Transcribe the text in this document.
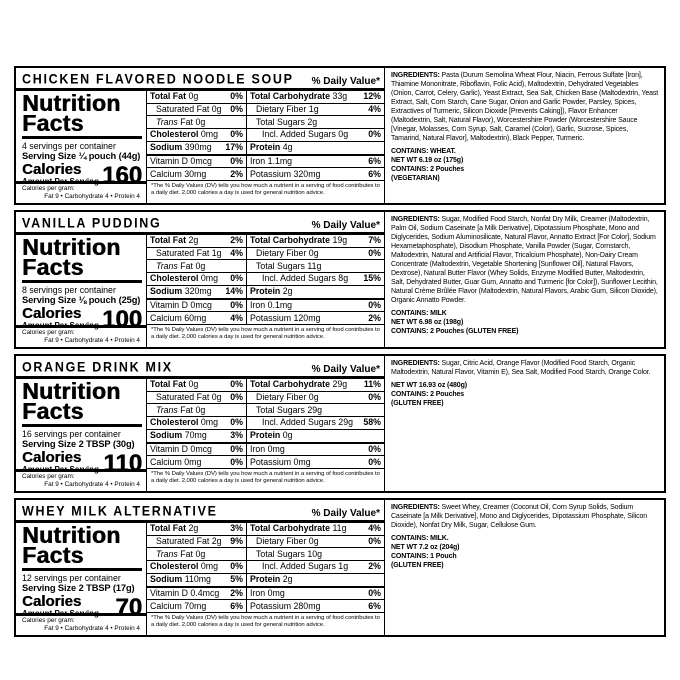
CHICKEN FLAVORED NOODLE SOUP % Daily Value*
Nutrition
Facts
4 servings per container
Serving Size ¼ pouch (44g)
Calories
Amount Per Serving 160
Total Fat 0g	0%
Saturated Fat 0g 0%
Trans Fat 0g
Cholesterol 0mg 0%
Sodium 390mg 17%
Vitamin D 0mcg 0%
Calcium 30mg	2%
Total Carbohydrate 33g 12%
Dietary Fiber 1g	4%
Total Sugars 2g
Incl. Added Sugars 0g 0%
Protein 4g
Iron 1.1mg	6%
Potassium 320mg	6%
Calories per gram:
Fat 9 • Carbohydrate 4 • Protein 4
*The % Daily Values (DV) tells you how much a nutrient in a serving of food contributes to a daily diet. 2,000 calories a day is used for general nutrition advice.
INGREDIENTS: Pasta (Durum Semolina Wheat Flour, Niacin, Ferrous Sulfate [Iron], Thiamine Mononitrate, Riboflavin, Folic Acid), Maltodextrin, Dehydrated Vegetables (Onion, Carrot, Celery, Garlic), Yeast Extract, Sea Salt, Chicken Base (Maltodextrin, Yeast Extract, Salt, Corn Starch, Cane Sugar, Onion and Garlic Powder, Parsley, Spices, Extractives of Turmeric, Silicon Dioxide [Prevents Caking]), Flavor Enhancer (Maltodextrin, Salt, Natural Flavor), Worcestershire Powder (Worcestershire Sauce [Vinegar, Molasses, Corn Syrup, Salt, Caramel (Color), Garlic, Sucrose, Spices, Tamarind, Natural Flavor], Maltodextrin), Black Pepper, Turmeric.
CONTAINS: WHEAT.
NET WT 6.19 oz (175g)
CONTAINS: 2 Pouches
(VEGETARIAN)
VANILLA PUDDING	% Daily Value*
Nutrition
Facts
8 servings per container
Serving Size ⅛ pouch (25g)
Calories
Amount Per Serving 100
Total Fat 2g	2%
Saturated Fat 1g 4%
Trans Fat 0g
Cholesterol 0mg 0%
Sodium 320mg 14%
Vitamin D 0mcg 0%
Calcium 60mg	4%
Total Carbohydrate 19g 7%
Dietary Fiber 0g	0%
Total Sugars 11g
Incl. Added Sugars 8g 15%
Protein 2g
Iron 0.1mg	0%
Potassium 120mg	2%
Calories per gram:
Fat 9 • Carbohydrate 4 • Protein 4
*The % Daily Values (DV) tells you how much a nutrient in a serving of food contributes to a daily diet. 2,000 calories a day is used for general nutrition advice.
INGREDIENTS: Sugar, Modified Food Starch, Nonfat Dry Milk, Creamer (Maltodextrin, Palm Oil, Sodium Caseinate [a Milk Derivative], Dipotassium Phosphate, Mono and Diglycerides, Sodium Aluminosilicate, Natural Flavor, Annatto Extract [For Color], Sodium Hexametaphosphate), Disodium Phosphate, Vanilla Powder (Sugar, Cornstarch, Maltodextrin, Natural and Artificial Flavor, Tricalcium Phosphate), Non-Dairy Cream Concentrate (Maltodextrin, Vegetable Shortening [Sunflower Oil], Natural Flavors, Dextrose), Natural Butter Flavor (Whey Solids, Enzyme Modified Butter, Maltodextrin, Salt, Dehydrated Butter, Guar Gum, Annatto and Turmeric [for Color]), Sunflower Lecithin, Natural Crème Brûlée Flavor (Maltodextrin, Natural Flavors, Arabic Gum, Silicon Dioxide), Organic Annatto Powder.
CONTAINS: MILK
NET WT 6.98 oz (198g)
CONTAINS: 2 Pouches (GLUTEN FREE)
ORANGE DRINK MIX	% Daily Value*
Nutrition
Facts
16 servings per container
Serving Size 2 TBSP (30g)
Calories
Amount Per Serving 110
Total Fat 0g	0%
Saturated Fat 0g 0%
Trans Fat 0g
Cholesterol 0mg 0%
Sodium 70mg	3%
Vitamin D 0mcg 0%
Calcium 0mg	0%
Total Carbohydrate 29g 11%
Dietary Fiber 0g	0%
Total Sugars 29g
Incl. Added Sugars 29g 58%
Protein 0g
Iron 0mg	0%
Potassium 0mg	0%
Calories per gram:
Fat 9 • Carbohydrate 4 • Protein 4
*The % Daily Values (DV) tells you how much a nutrient in a serving of food contributes to a daily diet. 2,000 calories a day is used for general nutrition advice.
INGREDIENTS: Sugar, Citric Acid, Orange Flavor (Modified Food Starch, Organic Maltodextrin, Natural Flavor, Vitamin E), Sea Salt, Modified Food Starch, Orange Color.
NET WT 16.93 oz (480g)
CONTAINS: 2 Pouches
(GLUTEN FREE)
WHEY MILK ALTERNATIVE	% Daily Value*
Nutrition
Facts
12 servings per container
Serving Size 2 TBSP (17g)
Calories
Amount Per Serving 70
Total Fat 2g	3%
Saturated Fat 2g 9%
Trans Fat 0g
Cholesterol 0mg 0%
Sodium 110mg 5%
Vitamin D 0.4mcg 2%
Calcium 70mg	6%
Total Carbohydrate 11g 4%
Dietary Fiber 0g	0%
Total Sugars 10g
Incl. Added Sugars 1g 2%
Protein 2g
Iron 0mg	0%
Potassium 280mg	6%
Calories per gram:
Fat 9 • Carbohydrate 4 • Protein 4
*The % Daily Values (DV) tells you how much a nutrient in a serving of food contributes to a daily diet. 2,000 calories a day is used for general nutrition advice.
INGREDIENTS: Sweet Whey, Creamer (Coconut Oil, Corn Syrup Solids, Sodium Caseinate [a Milk Derivative], Mono and Diglycerides, Dipotassium Phosphate, Silicon Dioxide), Nonfat Dry Milk, Sugar, Cellulose Gum.
CONTAINS: MILK.
NET WT 7.2 oz (204g)
CONTAINS: 1 Pouch
(GLUTEN FREE)
